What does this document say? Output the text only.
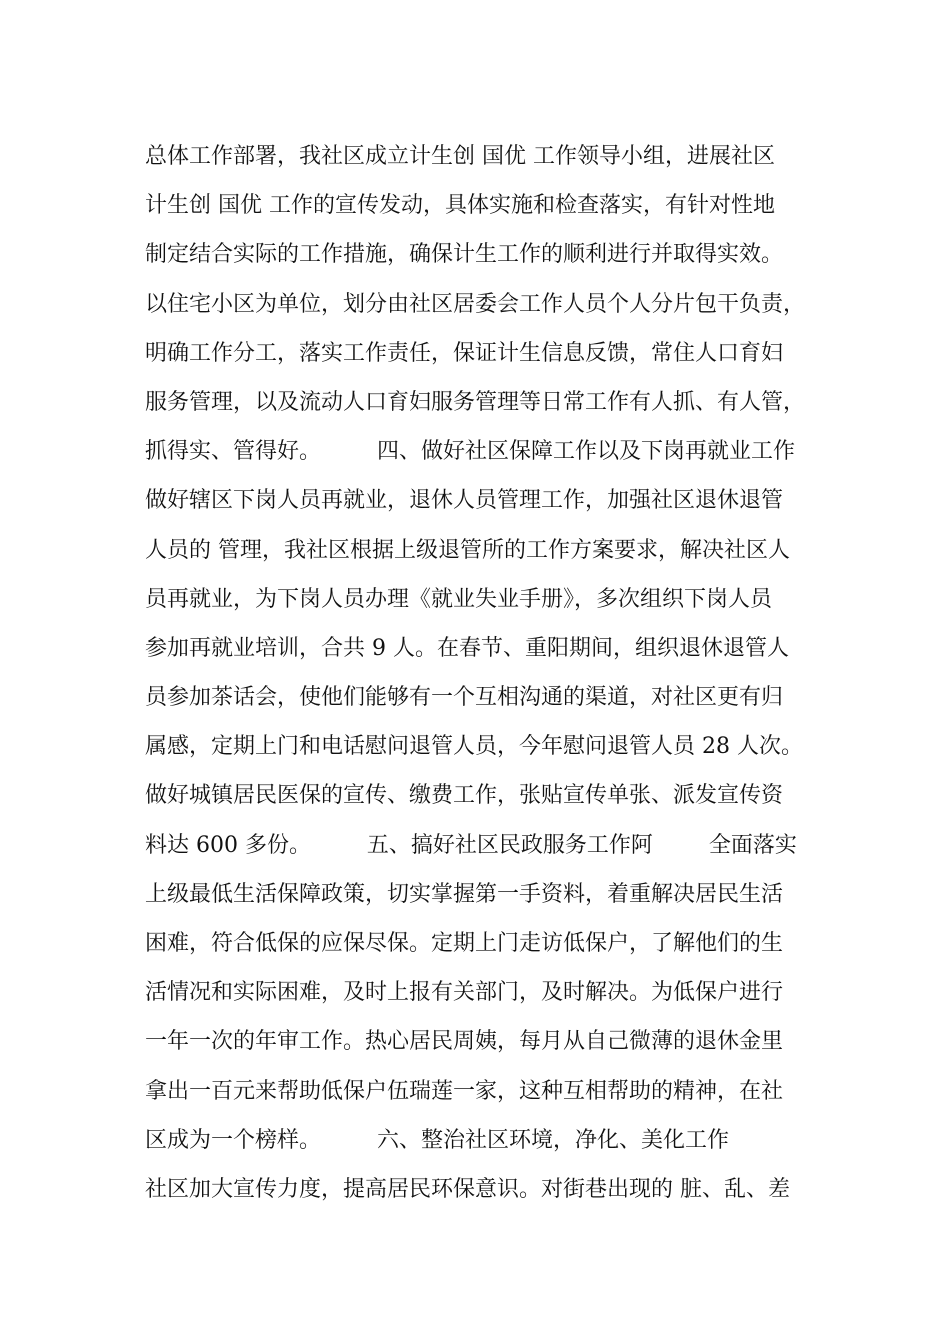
总体工作部署，我社区成立计生创 国优 工作领导小组，进展社区
计生创 国优 工作的宣传发动，具体实施和检查落实，有针对性地
制定结合实际的工作措施，确保计生工作的顺利进行并取得实效。
以住宅小区为单位，划分由社区居委会工作人员个人分片包干负责，
明确工作分工，落实工作责任，保证计生信息反馈，常住人口育妇
服务管理，以及流动人口育妇服务管理等日常工作有人抓、有人管，
抓得实、管得好。        四、做好社区保障工作以及下岗再就业工作
做好辖区下岗人员再就业，退休人员管理工作，加强社区退休退管
人员的 管理，我社区根据上级退管所的工作方案要求，解决社区人
员再就业，为下岗人员办理《就业失业手册》，多次组织下岗人员
参加再就业培训，合共 9 人。在春节、重阳期间，组织退休退管人
员参加茶话会，使他们能够有一个互相沟通的渠道，对社区更有归
属感，定期上门和电话慰问退管人员，今年慰问退管人员 28 人次。
做好城镇居民医保的宣传、缴费工作，张贴宣传单张、派发宣传资
料达 600 多份。        五、搞好社区民政服务工作阿        全面落实
上级最低生活保障政策，切实掌握第一手资料，着重解决居民生活
困难，符合低保的应保尽保。定期上门走访低保户，了解他们的生
活情况和实际困难，及时上报有关部门，及时解决。为低保户进行
一年一次的年审工作。热心居民周姨，每月从自己微薄的退休金里
拿出一百元来帮助低保户伍瑞莲一家，这种互相帮助的精神，在社
区成为一个榜样。        六、整治社区环境，净化、美化工作
社区加大宣传力度，提高居民环保意识。对街巷出现的 脏、乱、差
